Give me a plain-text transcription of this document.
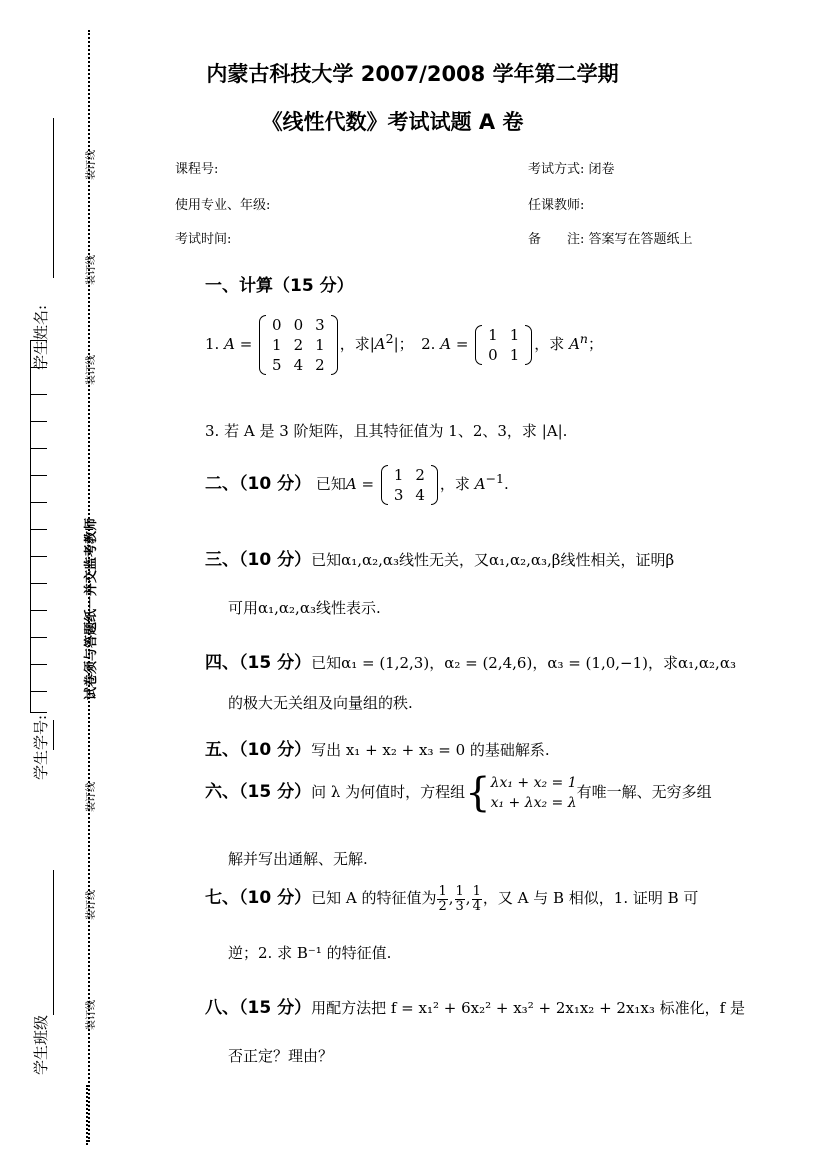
学生班级
学生学号:
学生姓名:
装订线
装订线
装订线
装订线
装订线
装订线
试卷须与答题纸一并交监考教师
内蒙古科技大学 2007/2008 学年第二学期
《线性代数》考试试题 A 卷
课程号:	考试方式: 闭卷
使用专业、年级:	任课教师:
考试时间:	备　　注: 答案写在答题纸上
一、计算（15 分）
1. A =
0	0	3
1	2	1
5	4	2
，求$|A^2|$；　2. A = 1	1
0	1
，求 $A^n$；
3. 若 A 是 3 阶矩阵，且其特征值为 1、2、3，求 |A|.
二、（10 分） 已知A = 1	2
3	4
，求 $A^{-1}$.
三、（10 分）已知α₁,α₂,α₃线性无关，又α₁,α₂,α₃,β线性相关，证明β
可用α₁,α₂,α₃线性表示.
四、（15 分）已知α₁ = (1,2,3)，α₂ = (2,4,6)，α₃ = (1,0,−1)，求α₁,α₂,α₃
的极大无关组及向量组的秩.
五、（10 分）写出 x₁ + x₂ + x₃ = 0 的基础解系.
六、（15 分）问 λ 为何值时，方程组{ λx₁ + x₂ = 1
x₁ + λx₂ = λ
有唯一解、无穷多组
解并写出通解、无解.
七、（10 分）已知 A 的特征值为 $\frac{1}{2}$ , $\frac{1}{3}$ , $\frac{1}{4}$ ，又 A 与 B 相似，1. 证明 B 可
逆；2. 求 B⁻¹ 的特征值.
八、（15 分）用配方法把 f = x₁² + 6x₂² + x₃² + 2x₁x₂ + 2x₁x₃ 标准化，f 是
否正定？理由？
